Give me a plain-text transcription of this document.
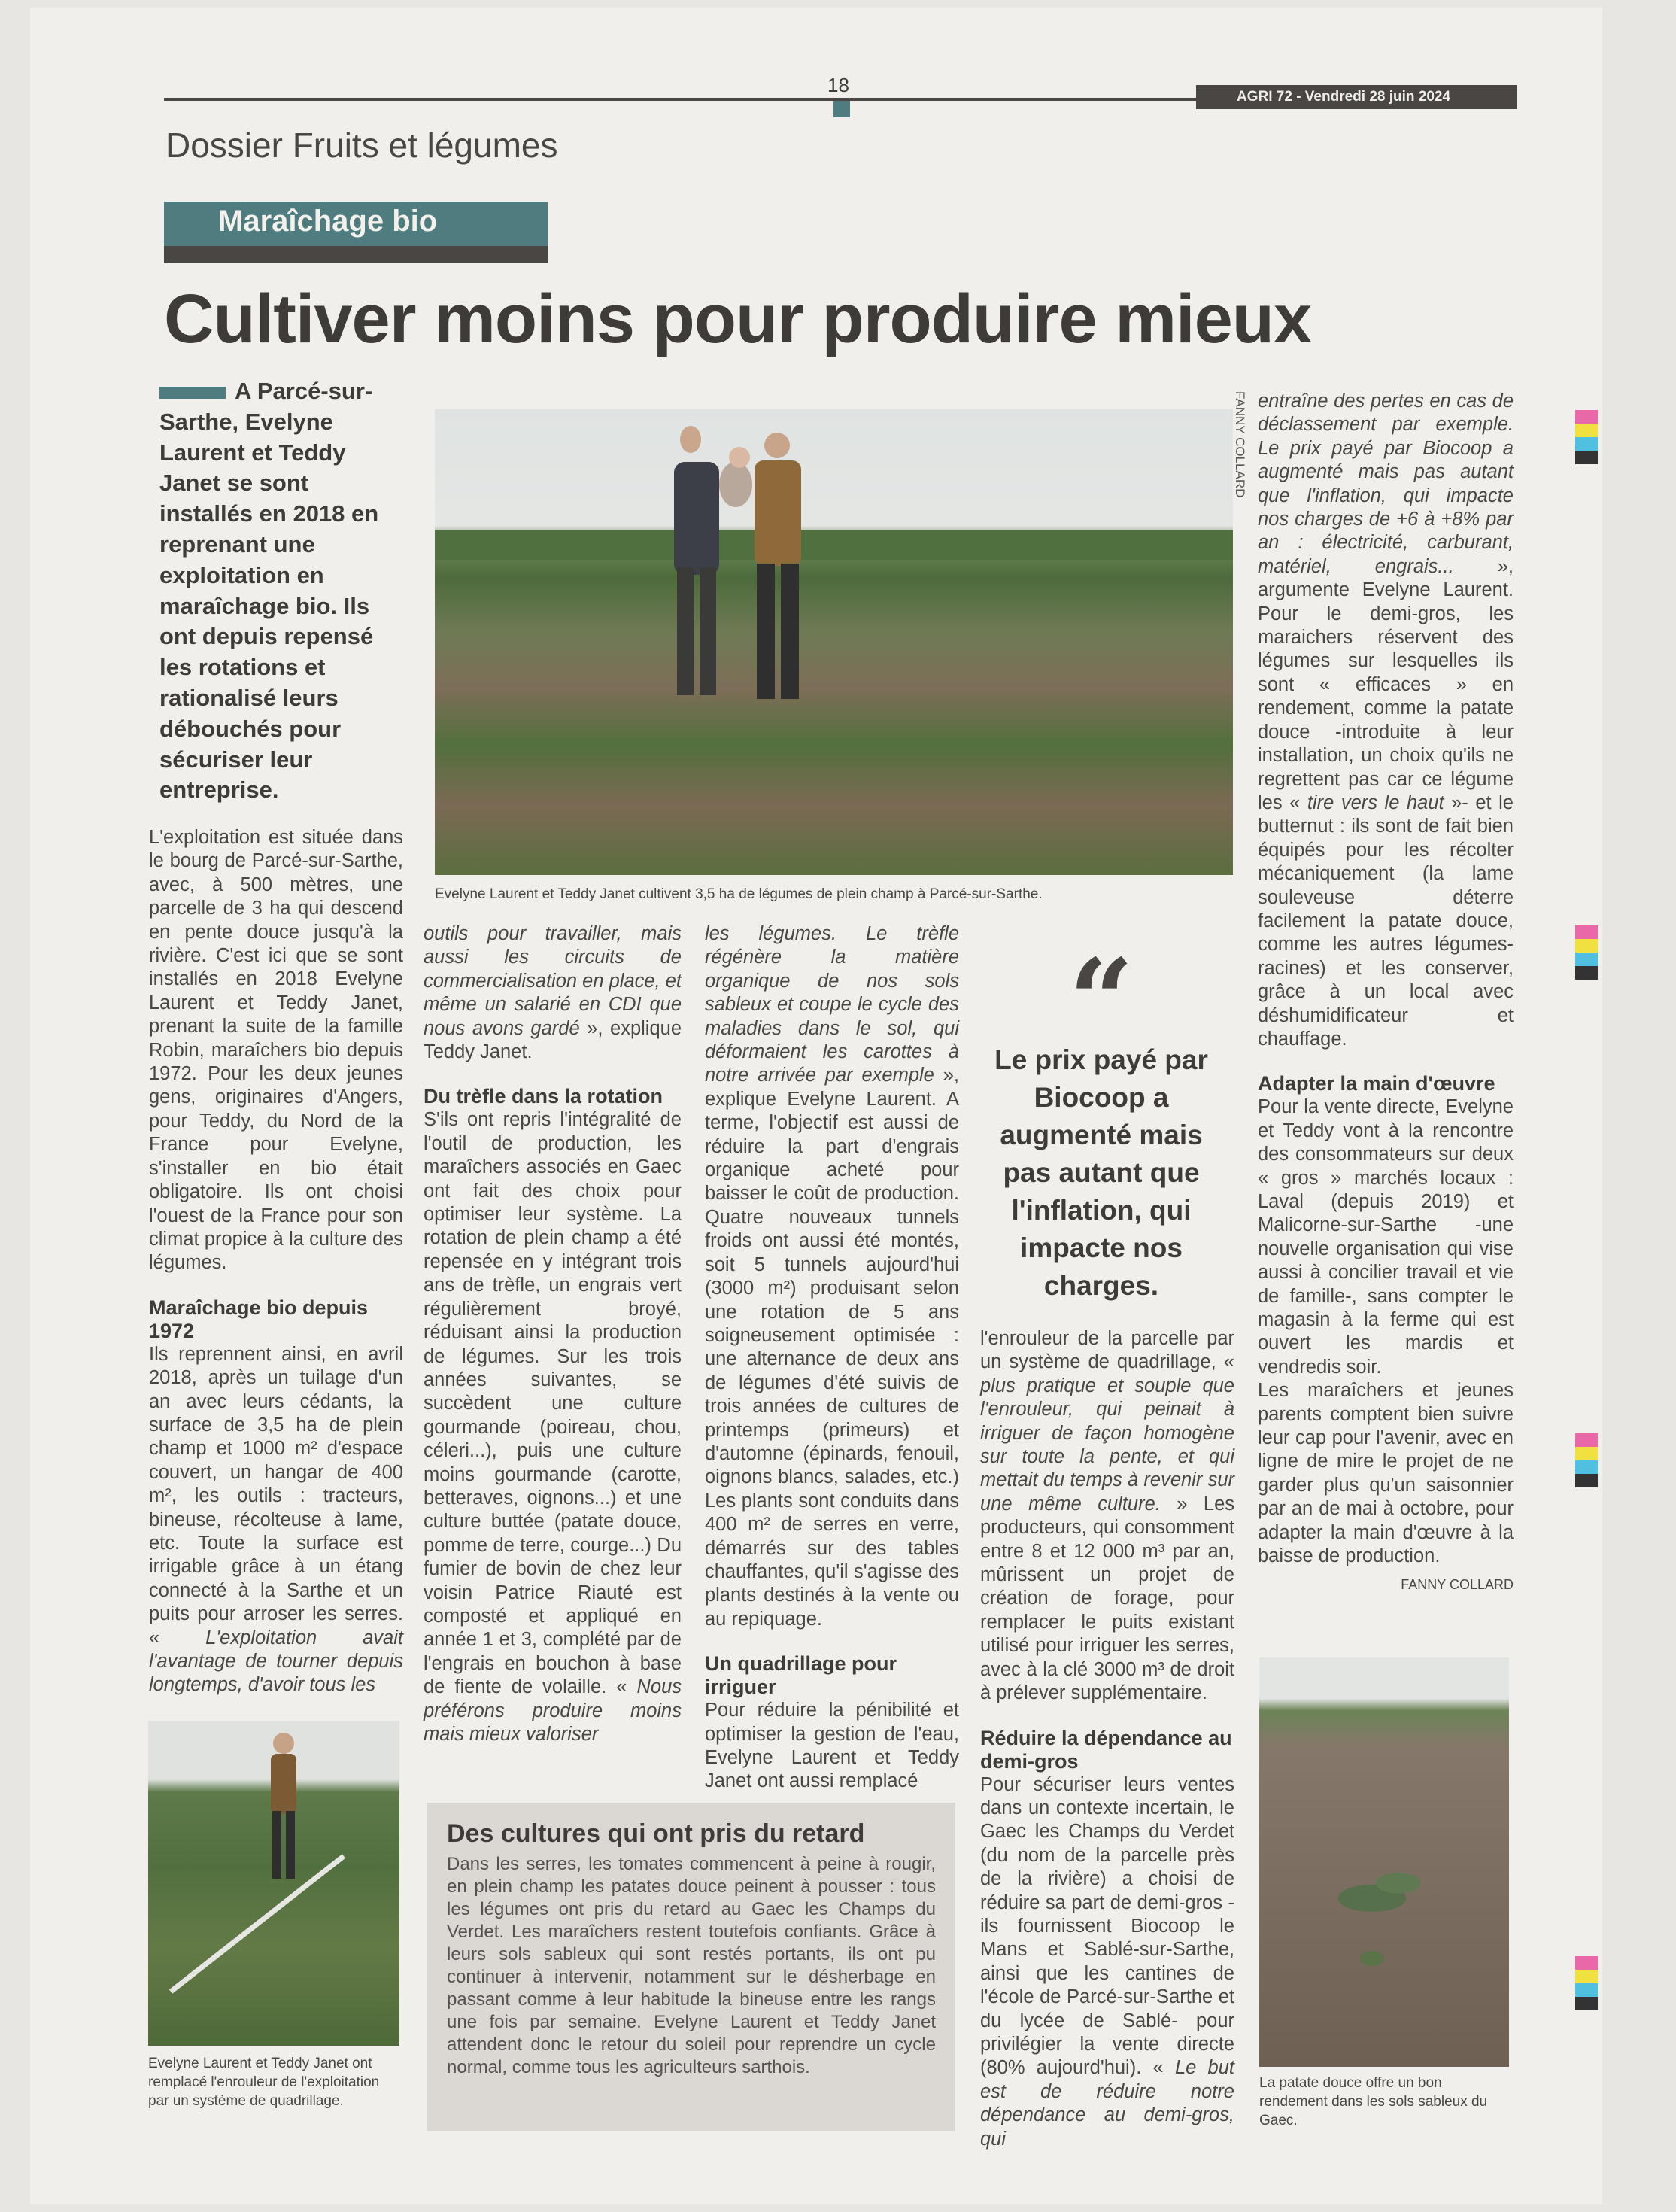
18
AGRI 72 - Vendredi 28 juin 2024
Dossier Fruits et légumes
Maraîchage bio
Cultiver moins pour produire mieux
A Parcé-sur-Sarthe, Evelyne Laurent et Teddy Janet se sont installés en 2018 en reprenant une exploitation en maraîchage bio. Ils ont depuis repensé les rotations et rationalisé leurs débouchés pour sécuriser leur entreprise.
Evelyne Laurent et Teddy Janet cultivent 3,5 ha de légumes de plein champ à Parcé-sur-Sarthe.
FANNY COLLARD

L'exploitation est située dans le bourg de Parcé-sur-Sarthe, avec, à 500 mètres, une parcelle de 3 ha qui descend en pente douce jusqu'à la rivière. C'est ici que se sont installés en 2018 Evelyne Laurent et Teddy Janet, prenant la suite de la famille Robin, maraîchers bio depuis 1972. Pour les deux jeunes gens, originaires d'Angers, pour Teddy, du Nord de la France pour Evelyne, s'installer en bio était obligatoire. Ils ont choisi l'ouest de la France pour son climat propice à la culture des légumes.

Maraîchage bio depuis 1972

Ils reprennent ainsi, en avril 2018, après un tuilage d'un an avec leurs cédants, la surface de 3,5 ha de plein champ et 1000 m² d'espace couvert, un hangar de 400 m², les outils : tracteurs, bineuse, récolteuse à lame, etc. Toute la surface est irrigable grâce à un étang connecté à la Sarthe et un puits pour arroser les serres. « L'exploitation avait l'avantage de tourner depuis longtemps, d'avoir tous les

outils pour travailler, mais aussi les circuits de commercialisation en place, et même un salarié en CDI que nous avons gardé », explique Teddy Janet.

Du trèfle dans la rotation

S'ils ont repris l'intégralité de l'outil de production, les maraîchers associés en Gaec ont fait des choix pour optimiser leur système. La rotation de plein champ a été repensée en y intégrant trois ans de trèfle, un engrais vert régulièrement broyé, réduisant ainsi la production de légumes. Sur les trois années suivantes, se succèdent une culture gourmande (poireau, chou, céleri...), puis une culture moins gourmande (carotte, betteraves, oignons...) et une culture buttée (patate douce, pomme de terre, courge...) Du fumier de bovin de chez leur voisin Patrice Riauté est composté et appliqué en année 1 et 3, complété par de l'engrais en bouchon à base de fiente de volaille. « Nous préférons produire moins mais mieux valoriser

les légumes. Le trèfle régénère la matière organique de nos sols sableux et coupe le cycle des maladies dans le sol, qui déformaient les carottes à notre arrivée par exemple », explique Evelyne Laurent. A terme, l'objectif est aussi de réduire la part d'engrais organique acheté pour baisser le coût de production. Quatre nouveaux tunnels froids ont aussi été montés, soit 5 tunnels aujourd'hui (3000 m²) produisant selon une rotation de 5 ans soigneusement optimisée : une alternance de deux ans de légumes d'été suivis de trois années de cultures de printemps (primeurs) et d'automne (épinards, fenouil, oignons blancs, salades, etc.) Les plants sont conduits dans 400 m² de serres en verre, démarrés sur des tables chauffantes, qu'il s'agisse des plants destinés à la vente ou au repiquage.

Un quadrillage pour irriguer

Pour réduire la pénibilité et optimiser la gestion de l'eau, Evelyne Laurent et Teddy Janet ont aussi remplacé

l'enrouleur de la parcelle par un système de quadrillage, « plus pratique et souple que l'enrouleur, qui peinait à irriguer de façon homogène sur toute la pente, et qui mettait du temps à revenir sur une même culture. » Les producteurs, qui consomment entre 8 et 12 000 m³ par an, mûrissent un projet de création de forage, pour remplacer le puits existant utilisé pour irriguer les serres, avec à la clé 3000 m³ de droit à prélever supplémentaire.

Réduire la dépendance au demi-gros

Pour sécuriser leurs ventes dans un contexte incertain, le Gaec les Champs du Verdet (du nom de la parcelle près de la rivière) a choisi de réduire sa part de demi-gros -ils fournissent Biocoop le Mans et Sablé-sur-Sarthe, ainsi que les cantines de l'école de Parcé-sur-Sarthe et du lycée de Sablé- pour privilégier la vente directe (80% aujourd'hui). « Le but est de réduire notre dépendance au demi-gros, qui

entraîne des pertes en cas de déclassement par exemple. Le prix payé par Biocoop a augmenté mais pas autant que l'inflation, qui impacte nos charges de +6 à +8% par an : électricité, carburant, matériel, engrais... », argumente Evelyne Laurent. Pour le demi-gros, les maraichers réservent des légumes sur lesquelles ils sont « efficaces » en rendement, comme la patate douce -introduite à leur installation, un choix qu'ils ne regrettent pas car ce légume les « tire vers le haut »- et le butternut : ils sont de fait bien équipés pour les récolter mécaniquement (la lame souleveuse déterre facilement la patate douce, comme les autres légumes-racines) et les conserver, grâce à un local avec déshumidificateur et chauffage.

Adapter la main d'œuvre

Pour la vente directe, Evelyne et Teddy vont à la rencontre des consommateurs sur deux « gros » marchés locaux : Laval (depuis 2019) et Malicorne-sur-Sarthe -une nouvelle organisation qui vise aussi à concilier travail et vie de famille-, sans compter le magasin à la ferme qui est ouvert les mardis et vendredis soir.

Les maraîchers et jeunes parents comptent bien suivre leur cap pour l'avenir, avec en ligne de mire le projet de ne garder plus qu'un saisonnier par an de mai à octobre, pour adapter la main d'œuvre à la baisse de production.

FANNY COLLARD
“
Le prix payé par Biocoop a augmenté mais pas autant que l'inflation, qui impacte nos charges.
Evelyne Laurent et Teddy Janet ont remplacé l'enrouleur de l'exploitation par un système de quadrillage.
Des cultures qui ont pris du retard

Dans les serres, les tomates commencent à peine à rougir, en plein champ les patates douce peinent à pousser : tous les légumes ont pris du retard au Gaec les Champs du Verdet. Les maraîchers restent toutefois confiants. Grâce à leurs sols sableux qui sont restés portants, ils ont pu continuer à intervenir, notamment sur le désherbage en passant comme à leur habitude la bineuse entre les rangs une fois par semaine. Evelyne Laurent et Teddy Janet attendent donc le retour du soleil pour reprendre un cycle normal, comme tous les agriculteurs sarthois.

La patate douce offre un bon rendement dans les sols sableux du Gaec.
